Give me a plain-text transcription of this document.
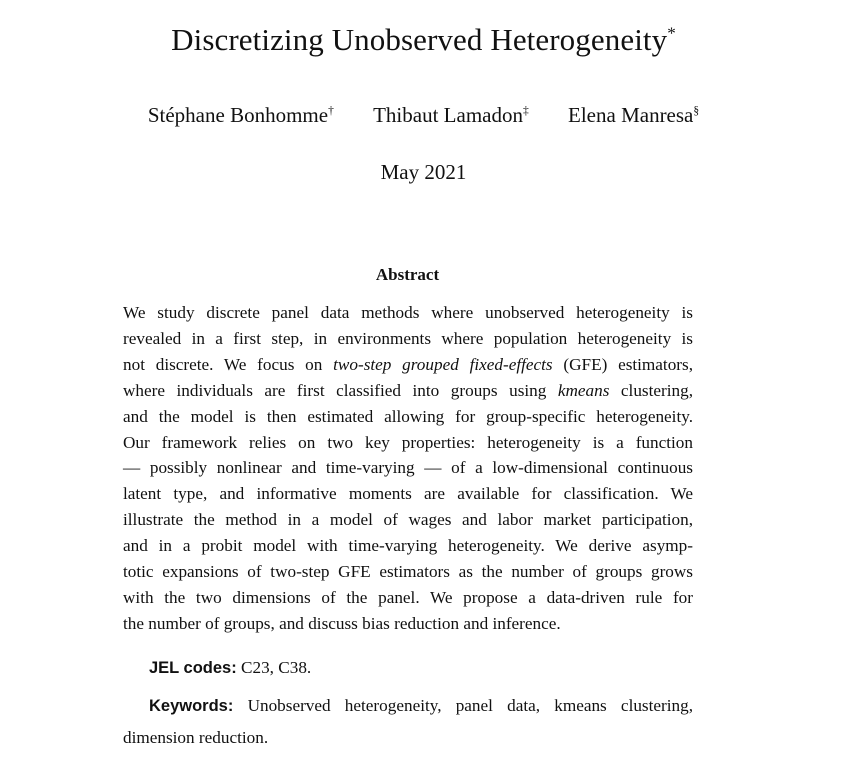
Discretizing Unobserved Heterogeneity*
Stéphane Bonhomme† Thibaut Lamadon‡ Elena Manresa§
May 2021
Abstract
We study discrete panel data methods where unobserved heterogeneity is
revealed in a first step, in environments where population heterogeneity is
not discrete. We focus on two-step grouped fixed-effects (GFE) estimators,
where individuals are first classified into groups using kmeans clustering,
and the model is then estimated allowing for group-specific heterogeneity.
Our framework relies on two key properties: heterogeneity is a function
— possibly nonlinear and time-varying — of a low-dimensional continuous
latent type, and informative moments are available for classification. We
illustrate the method in a model of wages and labor market participation,
and in a probit model with time-varying heterogeneity. We derive asymp-
totic expansions of two-step GFE estimators as the number of groups grows
with the two dimensions of the panel. We propose a data-driven rule for
the number of groups, and discuss bias reduction and inference.
JEL codes: C23, C38.
Keywords: Unobserved heterogeneity, panel data, kmeans clustering,
dimension reduction.
